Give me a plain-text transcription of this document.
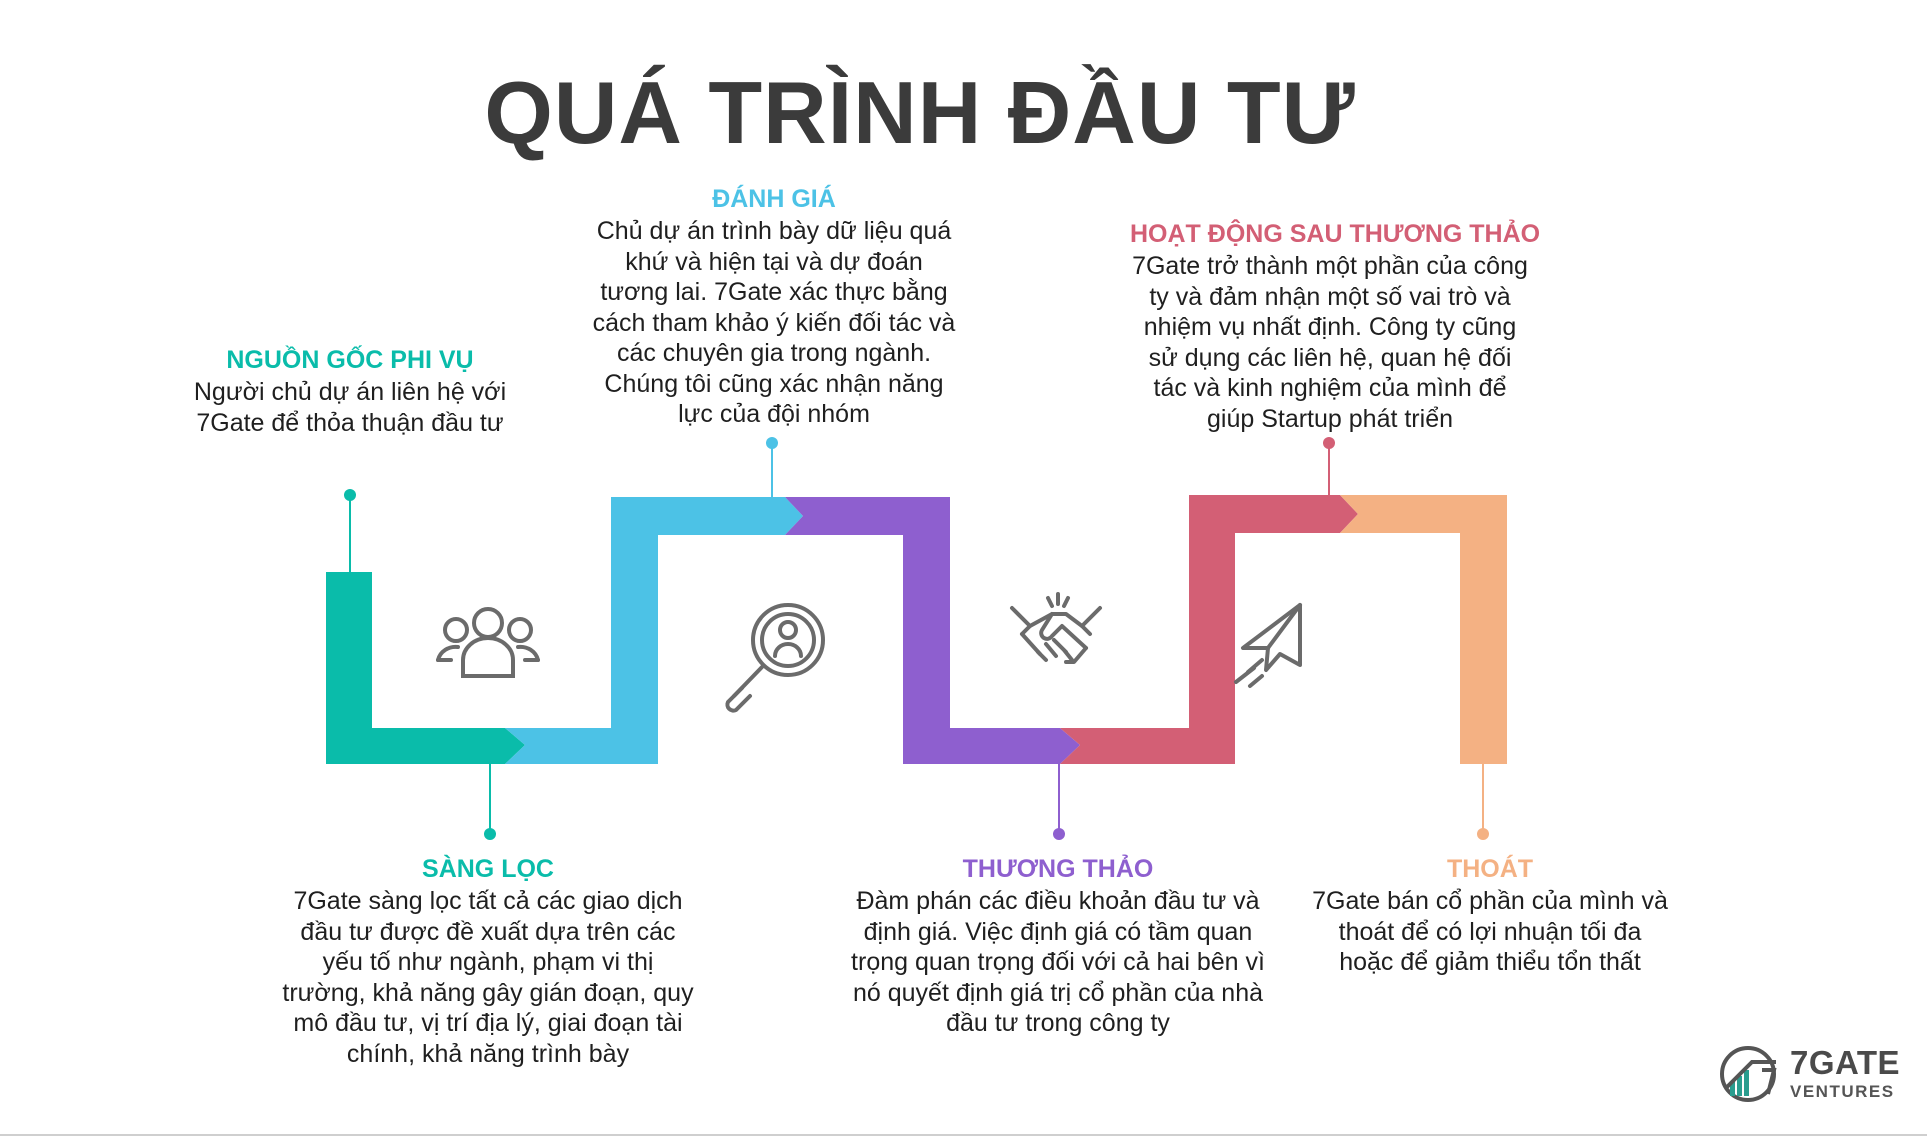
QUÁ TRÌNH ĐẦU TƯ
NGUỒN GỐC PHI VỤ
Người chủ dự án liên hệ với 7Gate để thỏa thuận đầu tư
SÀNG LỌC
7Gate sàng lọc tất cả các giao dịch đầu tư được đề xuất dựa trên các yếu tố như ngành, phạm vi thị trường, khả năng gây gián đoạn, quy mô đầu tư, vị trí địa lý, giai đoạn tài chính, khả năng trình bày
ĐÁNH GIÁ
Chủ dự án trình bày dữ liệu quá khứ và hiện tại và dự đoán tương lai. 7Gate xác thực bằng cách tham khảo ý kiến đối tác và các chuyên gia trong ngành. Chúng tôi cũng xác nhận năng lực của đội nhóm
THƯƠNG THẢO
Đàm phán các điều khoản đầu tư và định giá. Việc định giá có tầm quan trọng quan trọng đối với cả hai bên vì nó quyết định giá trị cổ phần của nhà đầu tư trong công ty
HOẠT ĐỘNG SAU THƯƠNG THẢO
7Gate trở thành một phần của công ty và đảm nhận một số vai trò và nhiệm vụ nhất định. Công ty cũng sử dụng các liên hệ, quan hệ đối tác và kinh nghiệm của mình để giúp Startup phát triển
THOÁT
7Gate bán cổ phần của mình và thoát để có lợi nhuận tối đa hoặc để giảm thiểu tổn thất
7GATE
VENTURES
